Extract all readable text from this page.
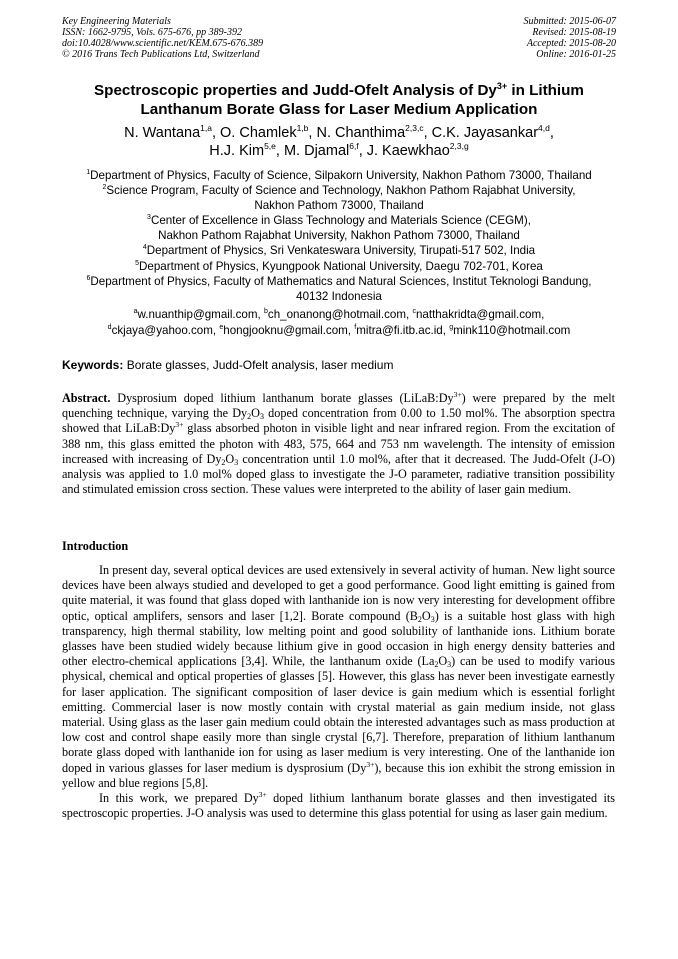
Key Engineering Materials
ISSN: 1662-9795, Vols. 675-676, pp 389-392
doi:10.4028/www.scientific.net/KEM.675-676.389
© 2016 Trans Tech Publications Ltd, Switzerland
Submitted: 2015-06-07
Revised: 2015-08-19
Accepted: 2015-08-20
Online: 2016-01-25
Spectroscopic properties and Judd-Ofelt Analysis of $Dy^{3+}$ in Lithium
Lanthanum Borate Glass for Laser Medium Application
N. Wantana$^{1,a}$, O. Chamlek$^{1,b}$, N. Chanthima$^{2,3,c}$, C.K. Jayasankar$^{4,d}$,
H.J. Kim$^{5,e}$, M. Djamal$^{6,f}$, J. Kaewkhao$^{2,3,g}$
$^1$Department of Physics, Faculty of Science, Silpakorn University, Nakhon Pathom 73000, Thailand
$^2$Science Program, Faculty of Science and Technology, Nakhon Pathom Rajabhat University,
Nakhon Pathom 73000, Thailand
$^3$Center of Excellence in Glass Technology and Materials Science (CEGM),
Nakhon Pathom Rajabhat University, Nakhon Pathom 73000, Thailand
$^4$Department of Physics, Sri Venkateswara University, Tirupati-517 502, India
$^5$Department of Physics, Kyungpook National University, Daegu 702-701, Korea
$^6$Department of Physics, Faculty of Mathematics and Natural Sciences, Institut Teknologi Bandung,
40132 Indonesia
$^a$w.nuanthip@gmail.com, $^b$ch_onanong@hotmail.com, $^c$natthakridta@gmail.com,
$^d$ckjaya@yahoo.com, $^e$hongjooknu@gmail.com, $^f$mitra@fi.itb.ac.id, $^g$mink110@hotmail.com
Keywords: Borate glasses, Judd-Ofelt analysis, laser medium

Abstract. Dysprosium doped lithium lanthanum borate glasses $(LiLaB:Dy^{3+})$ were prepared by the melt quenching technique, varying the $Dy_2O_3$ doped concentration from 0.00 to 1.50 mol%. The absorption spectra showed that $LiLaB:Dy^{3+}$ glass absorbed photon in visible light and near infrared region. From the excitation of 388 nm, this glass emitted the photon with 483, 575, 664 and 753 nm wavelength. The intensity of emission increased with increasing of $Dy_2O_3$ concentration until 1.0 mol%, after that it decreased. The Judd-Ofelt (J-O) analysis was applied to 1.0 mol% doped glass to investigate the J-O parameter, radiative transition possibility and stimulated emission cross section. These values were interpreted to the ability of laser gain medium.

Introduction

In present day, several optical devices are used extensively in several activity of human. New light source devices have been always studied and developed to get a good performance. Good light emitting is gained from quite material, it was found that glass doped with lanthanide ion is now very interesting for development offibre optic, optical amplifers, sensors and laser [1,2]. Borate compound $(B_2O_3)$ is a suitable host glass with high transparency, high thermal stability, low melting point and good solubility of lanthanide ions. Lithium borate glasses have been studied widely because lithium give in good occasion in high energy density batteries and other electro-chemical applications [3,4]. While, the lanthanum oxide $(La_2O_3)$ can be used to modify various physical, chemical and optical properties of glasses [5]. However, this glass has never been investigate earnestly for laser application. The significant composition of laser device is gain medium which is essential forlight emitting. Commercial laser is now mostly contain with crystal material as gain medium inside, not glass material. Using glass as the laser gain medium could obtain the interested advantages such as mass production at low cost and control shape easily more than single crystal [6,7]. Therefore, preparation of lithium lanthanum borate glass doped with lanthanide ion for using as laser medium is very interesting. One of the lanthanide ion doped in various glasses for laser medium is dysprosium $(Dy^{3+})$, because this ion exhibit the strong emission in yellow and blue regions [5,8].

In this work, we prepared $Dy^{3+}$ doped lithium lanthanum borate glasses and then investigated its spectroscopic properties. J-O analysis was used to determine this glass potential for using as laser gain medium.
